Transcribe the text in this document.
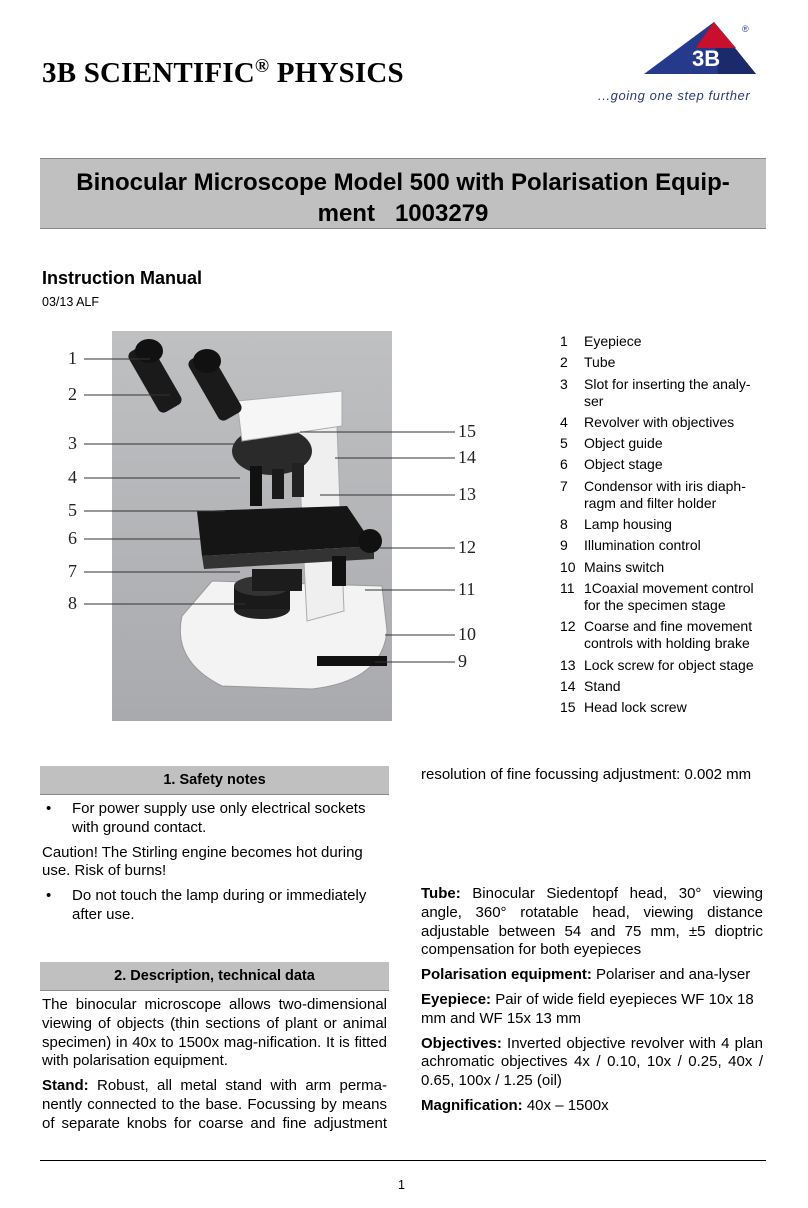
3B SCIENTIFIC® PHYSICS	3B
®
...going one step further
Binocular Microscope Model 500 with Polarisation Equip-
ment   1003279
Instruction Manual
03/13 ALF
1
2
3
4
5
6
7
8
15
14
13
12
11
10
9
1	Eyepiece
2	Tube
3	Slot for inserting the analy-ser
4	Revolver with objectives
5	Object guide
6	Object stage
7	Condensor with iris diaph-ragm and filter holder
8	Lamp housing
9	Illumination control
10 Mains switch
11 1Coaxial movement control for the specimen stage
12 Coarse and fine movement controls with holding brake
13 Lock screw for object stage
14 Stand
15 Head lock screw
1. Safety notes
•	For power supply use only electrical sockets with ground contact.

Caution! The Stirling engine becomes hot during use. Risk of burns!

•	Do not touch the lamp during or immediately after use.
2. Description, technical data

The binocular microscope allows two-dimensional viewing of objects (thin sections of plant or animal specimen) in 40x to 1500x mag-nification. It is fitted with polarisation equipment.

Stand: Robust, all metal stand with arm perma-nently connected to the base. Focussing by means of separate knobs for coarse and fine adjustment

resolution of fine focussing adjustment: 0.002 mm

Tube: Binocular Siedentopf head, 30° viewing angle, 360° rotatable head, viewing distance adjustable between 54 and 75 mm, ±5 dioptric compensation for both eyepieces

Polarisation equipment: Polariser and ana-lyser

Eyepiece: Pair of wide field eyepieces WF 10x 18 mm and WF 15x 13 mm

Objectives: Inverted objective revolver with 4 plan achromatic objectives 4x / 0.10, 10x / 0.25, 40x / 0.65, 100x / 1.25 (oil)

Magnification: 40x – 1500x

1
